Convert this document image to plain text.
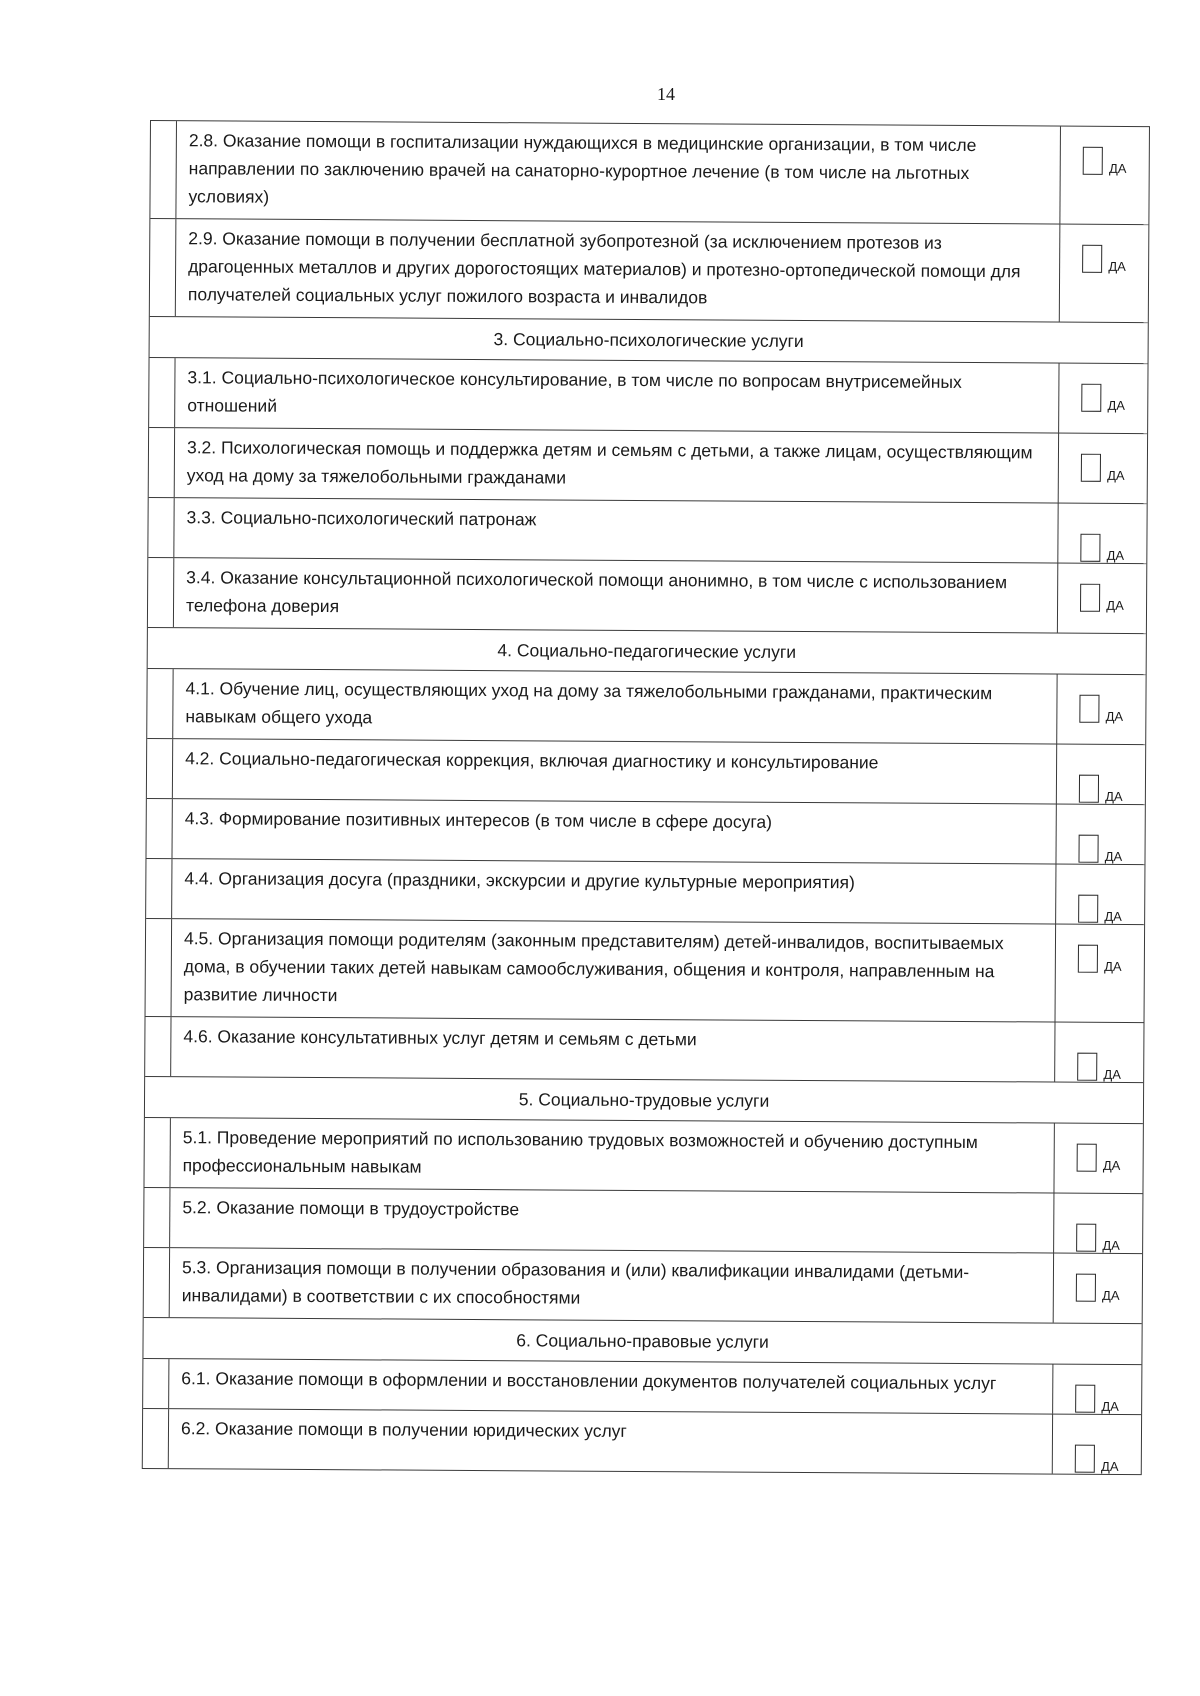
14
2.8. Оказание помощи в госпитализации нуждающихся в медицинские организации, в том числе направлении по заключению врачей на санаторно-курортное лечение (в том числе на льготных условиях)
ДА
2.9. Оказание помощи в получении бесплатной зубопротезной (за исключением протезов из драгоценных металлов и других дорогостоящих материалов) и протезно-ортопедической помощи для получателей социальных услуг пожилого возраста и инвалидов
ДА
3. Социально-психологические услуги
3.1. Социально-психологическое консультирование, в том числе по вопросам внутрисемейных отношений	ДА
3.2. Психологическая помощь и поддержка детям и семьям с детьми, а также лицам, осуществляющим уход на дому за тяжелобольными гражданами	ДА
3.3. Социально-психологический патронаж
ДА
3.4. Оказание консультационной психологической помощи анонимно, в том числе с использованием телефона доверия	ДА
4. Социально-педагогические услуги
4.1. Обучение лиц, осуществляющих уход на дому за тяжелобольными гражданами, практическим навыкам общего ухода	ДА
4.2. Социально-педагогическая коррекция, включая диагностику и консультирование
ДА
4.3. Формирование позитивных интересов (в том числе в сфере досуга)
ДА
4.4. Организация досуга (праздники, экскурсии и другие культурные мероприятия)
ДА
4.5. Организация помощи родителям (законным представителям) детей-инвалидов, воспитываемых дома, в обучении таких детей навыкам самообслуживания, общения и контроля, направленным на развитие личности
ДА
4.6. Оказание консультативных услуг детям и семьям с детьми
ДА
5. Социально-трудовые услуги
5.1. Проведение мероприятий по использованию трудовых возможностей и обучению доступным профессиональным навыкам	ДА
5.2. Оказание помощи в трудоустройстве
ДА
5.3. Организация помощи в получении образования и (или) квалификации инвалидами (детьми-инвалидами) в соответствии с их способностями	ДА
6. Социально-правовые услуги
6.1. Оказание помощи в оформлении и восстановлении документов получателей социальных услуг
ДА
6.2. Оказание помощи в получении юридических услуг
ДА
